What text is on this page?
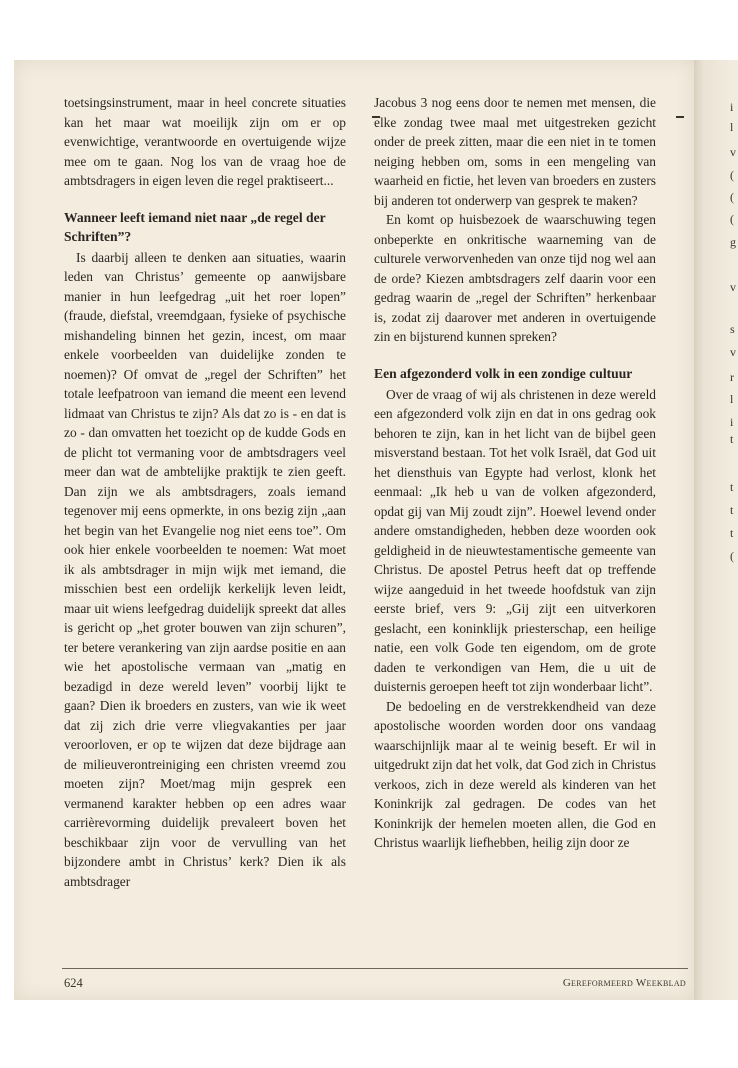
i
l
v
(
(
(
g
v
s
v
r
l
i
t
t
t
t
(

toetsingsinstrument, maar in heel concrete situaties kan het maar wat moeilijk zijn om er op evenwichtige, verantwoorde en overtuigende wijze mee om te gaan. Nog los van de vraag hoe de ambtsdragers in eigen leven die regel praktiseert...

Wanneer leeft iemand niet naar „de regel der Schriften”?

Is daarbij alleen te denken aan situaties, waarin leden van Christus’ gemeente op aanwijsbare manier in hun leefgedrag „uit het roer lopen” (fraude, diefstal, vreemdgaan, fysieke of psychische mishandeling binnen het gezin, incest, om maar enkele voorbeelden van duidelijke zonden te noemen)? Of omvat de „regel der Schriften” het totale leefpatroon van iemand die meent een levend lidmaat van Christus te zijn? Als dat zo is - en dat is zo - dan omvatten het toezicht op de kudde Gods en de plicht tot vermaning voor de ambtsdragers veel meer dan wat de ambtelijke praktijk te zien geeft. Dan zijn we als ambtsdragers, zoals iemand tegenover mij eens opmerkte, in ons bezig zijn „aan het begin van het Evangelie nog niet eens toe”. Om ook hier enkele voorbeelden te noemen: Wat moet ik als ambtsdrager in mijn wijk met iemand, die misschien best een ordelijk kerkelijk leven leidt, maar uit wiens leefgedrag duidelijk spreekt dat alles is gericht op „het groter bouwen van zijn schuren”, ter betere verankering van zijn aardse positie en aan wie het apostolische vermaan van „matig en bezadigd in deze wereld leven” voorbij lijkt te gaan? Dien ik broeders en zusters, van wie ik weet dat zij zich drie verre vliegvakanties per jaar veroorloven, er op te wijzen dat deze bijdrage aan de milieuverontreiniging een christen vreemd zou moeten zijn? Moet/mag mijn gesprek een vermanend karakter hebben op een adres waar carrièrevorming duidelijk prevaleert boven het beschikbaar zijn voor de vervulling van het bijzondere ambt in Christus’ kerk? Dien ik als ambtsdrager

Jacobus 3 nog eens door te nemen met mensen, die elke zondag twee maal met uitgestreken gezicht onder de preek zitten, maar die een niet in te tomen neiging hebben om, soms in een mengeling van waarheid en fictie, het leven van broeders en zusters bij anderen tot onderwerp van gesprek te maken?

En komt op huisbezoek de waarschuwing tegen onbeperkte en onkritische waarneming van de culturele verworvenheden van onze tijd nog wel aan de orde? Kiezen ambtsdragers zelf daarin voor een gedrag waarin de „regel der Schriften” herkenbaar is, zodat zij daarover met anderen in overtuigende zin en bijsturend kunnen spreken?

Een afgezonderd volk in een zondige cultuur

Over de vraag of wij als christenen in deze wereld een afgezonderd volk zijn en dat in ons gedrag ook behoren te zijn, kan in het licht van de bijbel geen misverstand bestaan. Tot het volk Israël, dat God uit het diensthuis van Egypte had verlost, klonk het eenmaal: „Ik heb u van de volken afgezonderd, opdat gij van Mij zoudt zijn”. Hoewel levend onder andere omstandigheden, hebben deze woorden ook geldigheid in de nieuwtestamentische gemeente van Christus. De apostel Petrus heeft dat op treffende wijze aangeduid in het tweede hoofdstuk van zijn eerste brief, vers 9: „Gij zijt een uitverkoren geslacht, een koninklijk priesterschap, een heilige natie, een volk Gode ten eigendom, om de grote daden te verkondigen van Hem, die u uit de duisternis geroepen heeft tot zijn wonderbaar licht”.

De bedoeling en de verstrekkendheid van deze apostolische woorden worden door ons vandaag waarschijnlijk maar al te weinig beseft. Er wil in uitgedrukt zijn dat het volk, dat God zich in Christus verkoos, zich in deze wereld als kinderen van het Koninkrijk zal gedragen. De codes van het Koninkrijk der hemelen moeten allen, die God en Christus waarlijk liefhebben, heilig zijn door ze

624	Gereformeerd Weekblad
